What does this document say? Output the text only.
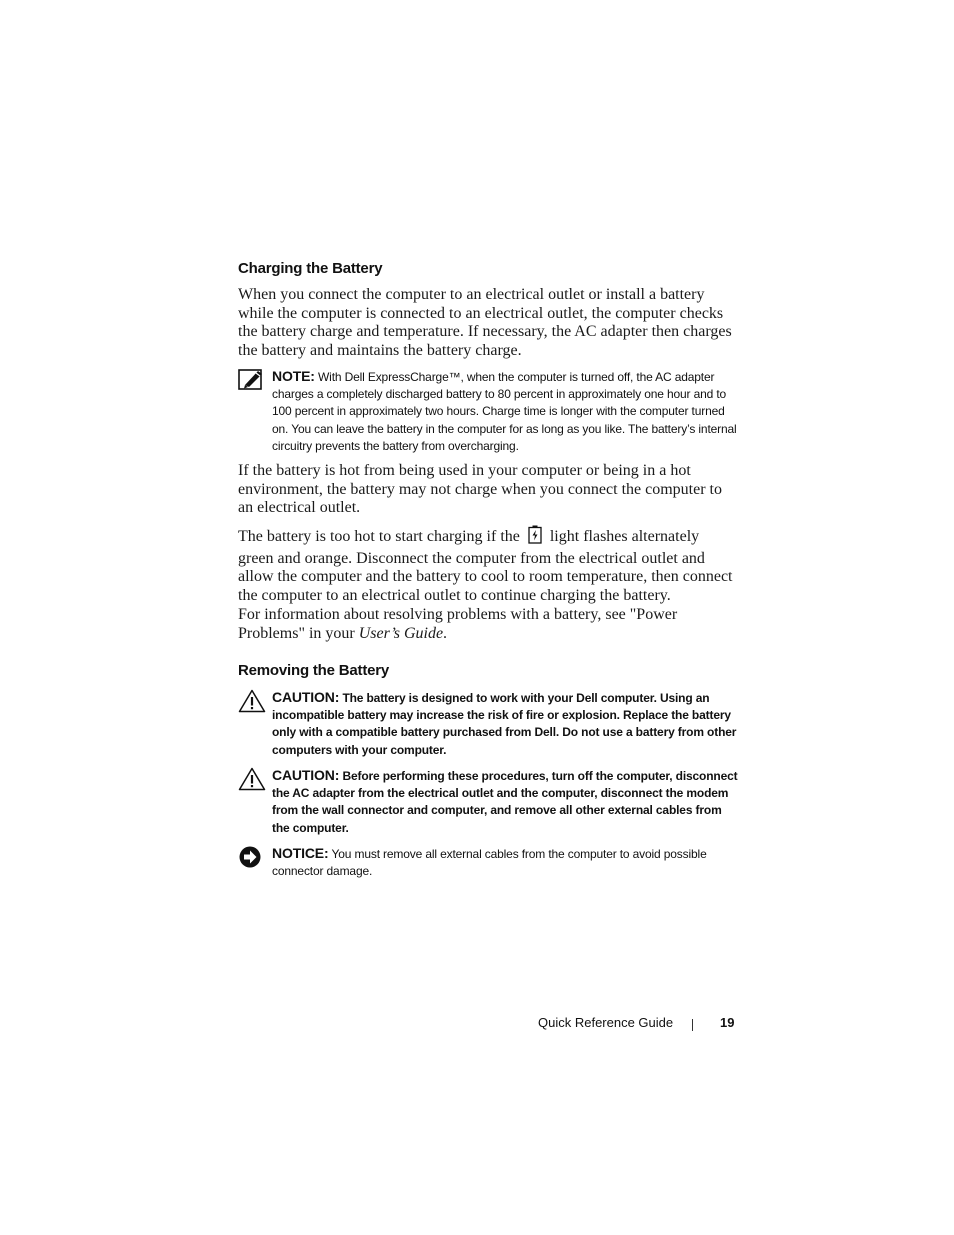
Charging the Battery

When you connect the computer to an electrical outlet or install a battery while the computer is connected to an electrical outlet, the computer checks the battery charge and temperature. If necessary, the AC adapter then charges the battery and maintains the battery charge.

NOTE: With Dell ExpressCharge™, when the computer is turned off, the AC adapter charges a completely discharged battery to 80 percent in approximately one hour and to 100 percent in approximately two hours. Charge time is longer with the computer turned on. You can leave the battery in the computer for as long as you like. The battery’s internal circuitry prevents the battery from overcharging.

If the battery is hot from being used in your computer or being in a hot environment, the battery may not charge when you connect the computer to an electrical outlet.

The battery is too hot to start charging if the light flashes alternately green and orange. Disconnect the computer from the electrical outlet and allow the computer and the battery to cool to room temperature, then connect the computer to an electrical outlet to continue charging the battery.

For information about resolving problems with a battery, see "Power Problems" in your User’s Guide.

Removing the Battery

CAUTION: The battery is designed to work with your Dell computer. Using an incompatible battery may increase the risk of fire or explosion. Replace the battery only with a compatible battery purchased from Dell. Do not use a battery from other computers with your computer.

CAUTION: Before performing these procedures, turn off the computer, disconnect the AC adapter from the electrical outlet and the computer, disconnect the modem from the wall connector and computer, and remove all other external cables from the computer.

NOTICE: You must remove all external cables from the computer to avoid possible connector damage.

Quick Reference Guide	19
